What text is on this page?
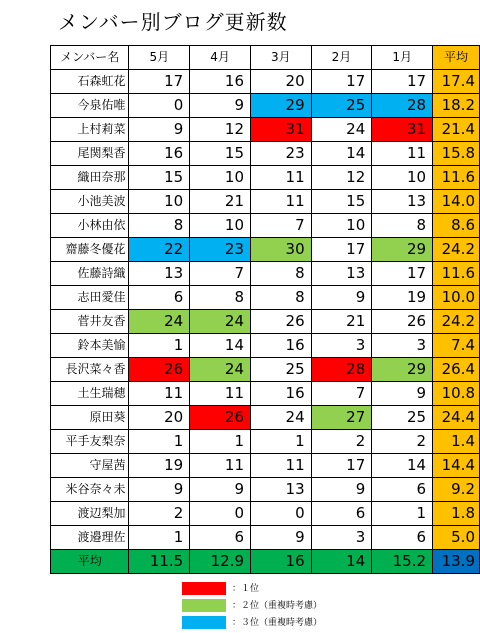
メンバー別ブログ更新数
メンバー名	5月	4月	3月	2月	1月	平均
石森虹花	17	16	20	17	17	17.4
今泉佑唯	0	9	29	25	28	18.2
上村莉菜	9	12	31	24	31	21.4
尾関梨香	16	15	23	14	11	15.8
織田奈那	15	10	11	12	10	11.6
小池美波	10	21	11	15	13	14.0
小林由依	8	10	7	10	8	8.6
齋藤冬優花	22	23	30	17	29	24.2
佐藤詩織	13	7	8	13	17	11.6
志田愛佳	6	8	8	9	19	10.0
菅井友香	24	24	26	21	26	24.2
鈴本美愉	1	14	16	3	3	7.4
長沢菜々香	26	24	25	28	29	26.4
土生瑞穂	11	11	16	7	9	10.8
原田葵	20	26	24	27	25	24.4
平手友梨奈	1	1	1	2	2	1.4
守屋茜	19	11	11	17	14	14.4
米谷奈々未	9	9	13	9	6	9.2
渡辺梨加	2	0	0	6	1	1.8
渡邉理佐	1	6	9	3	6	5.0
平均	11.5	12.9	16	14	15.2	13.9
：１位
：２位（重複時考慮）
：３位（重複時考慮）
